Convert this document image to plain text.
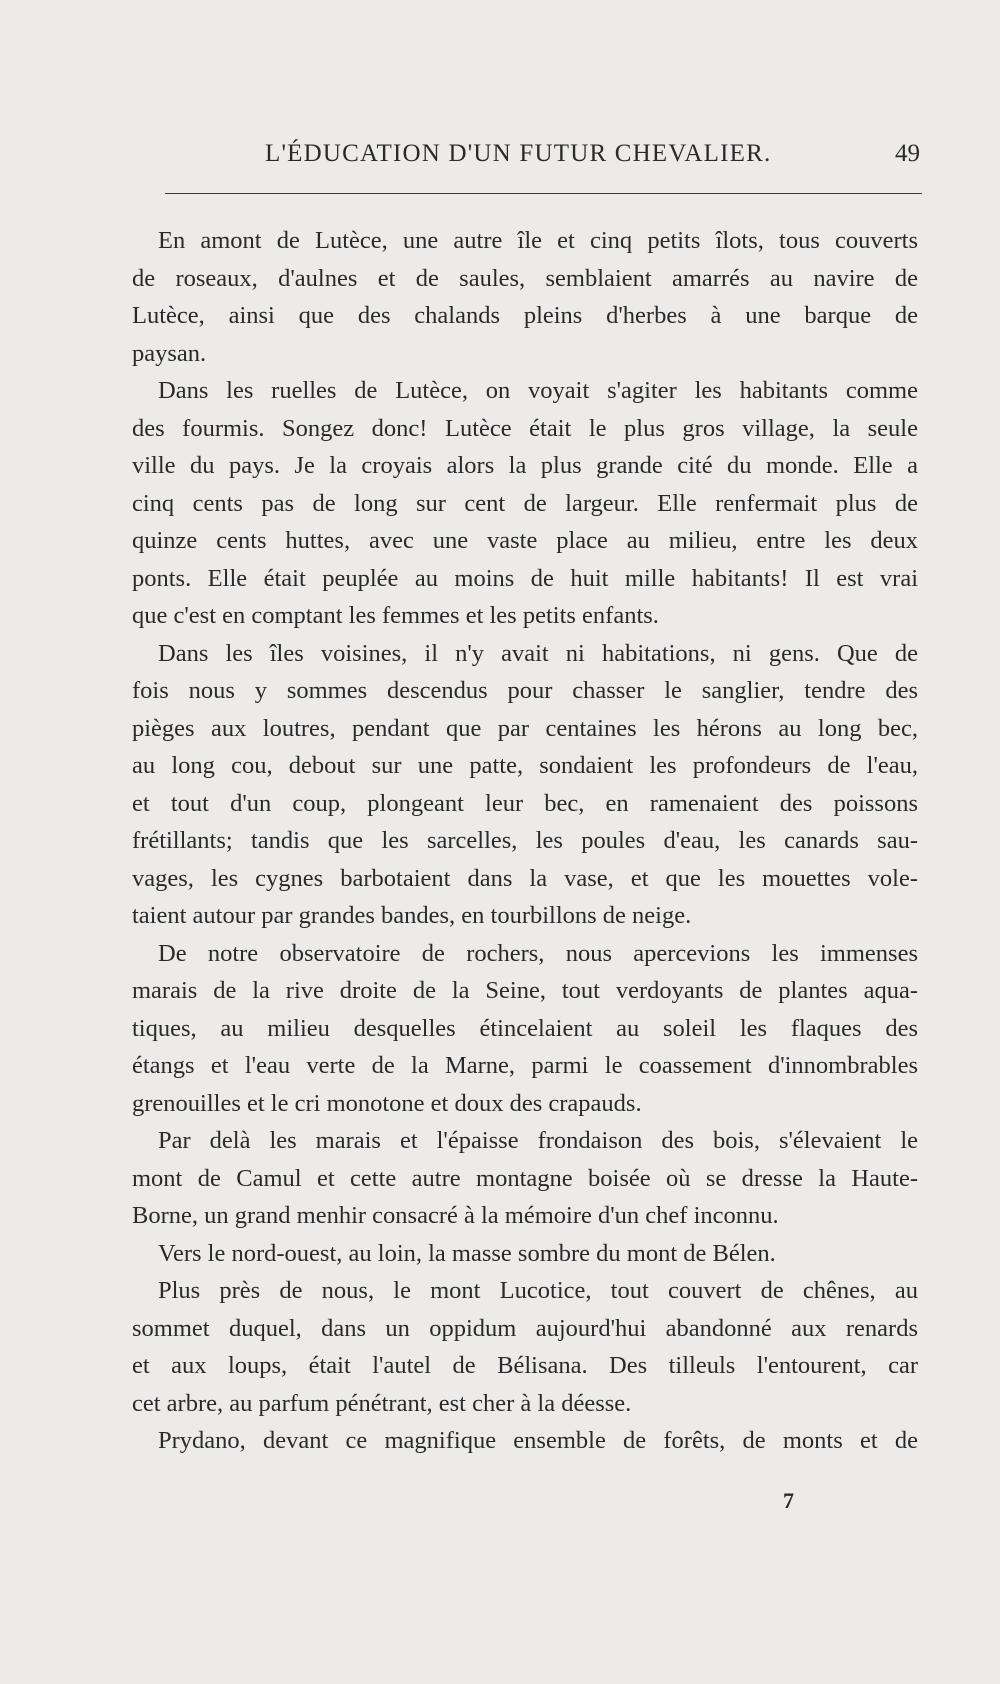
L'ÉDUCATION D'UN FUTUR CHEVALIER.	49
En amont de Lutèce, une autre île et cinq petits îlots, tous couverts
de roseaux, d'aulnes et de saules, semblaient amarrés au navire de
Lutèce, ainsi que des chalands pleins d'herbes à une barque de
paysan.
Dans les ruelles de Lutèce, on voyait s'agiter les habitants comme
des fourmis. Songez donc! Lutèce était le plus gros village, la seule
ville du pays. Je la croyais alors la plus grande cité du monde. Elle a
cinq cents pas de long sur cent de largeur. Elle renfermait plus de
quinze cents huttes, avec une vaste place au milieu, entre les deux
ponts. Elle était peuplée au moins de huit mille habitants! Il est vrai
que c'est en comptant les femmes et les petits enfants.
Dans les îles voisines, il n'y avait ni habitations, ni gens. Que de
fois nous y sommes descendus pour chasser le sanglier, tendre des
pièges aux loutres, pendant que par centaines les hérons au long bec,
au long cou, debout sur une patte, sondaient les profondeurs de l'eau,
et tout d'un coup, plongeant leur bec, en ramenaient des poissons
frétillants; tandis que les sarcelles, les poules d'eau, les canards sau-
vages, les cygnes barbotaient dans la vase, et que les mouettes vole-
taient autour par grandes bandes, en tourbillons de neige.
De notre observatoire de rochers, nous apercevions les immenses
marais de la rive droite de la Seine, tout verdoyants de plantes aqua-
tiques, au milieu desquelles étincelaient au soleil les flaques des
étangs et l'eau verte de la Marne, parmi le coassement d'innombrables
grenouilles et le cri monotone et doux des crapauds.
Par delà les marais et l'épaisse frondaison des bois, s'élevaient le
mont de Camul et cette autre montagne boisée où se dresse la Haute-
Borne, un grand menhir consacré à la mémoire d'un chef inconnu.
Vers le nord-ouest, au loin, la masse sombre du mont de Bélen.
Plus près de nous, le mont Lucotice, tout couvert de chênes, au
sommet duquel, dans un oppidum aujourd'hui abandonné aux renards
et aux loups, était l'autel de Bélisana. Des tilleuls l'entourent, car
cet arbre, au parfum pénétrant, est cher à la déesse.
Prydano, devant ce magnifique ensemble de forêts, de monts et de
7
